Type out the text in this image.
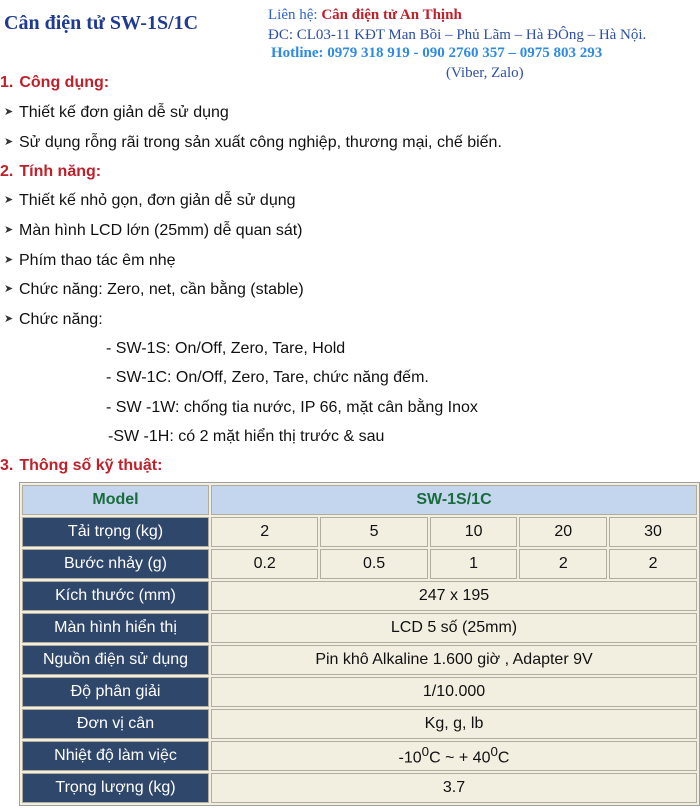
Cân điện tử SW-1S/1C	Liên hệ: Cân điện tử An Thịnh
ĐC: CL03-11 KĐT Man Bồi – Phủ Lãm – Hà ĐÔng – Hà Nội.
Hotline: 0979 318 919 - 090 2760 357 – 0975 803 293
(Viber, Zalo)
1. Công dụng:
➤ Thiết kế đơn giản dễ sử dụng
➤ Sử dụng rỗng rãi trong sản xuất công nghiệp, thương mại, chế biến.
2. Tính năng:
➤ Thiết kế nhỏ gọn, đơn giản dễ sử dụng
➤ Màn hình LCD lớn (25mm) dễ quan sát)
➤ Phím thao tác êm nhẹ
➤ Chức năng: Zero, net, cần bằng (stable)
➤ Chức năng:
- SW-1S: On/Off, Zero, Tare, Hold
- SW-1C: On/Off, Zero, Tare, chức năng đếm.
- SW -1W: chống tia nước, IP 66, mặt cân bằng Inox
-SW -1H: có 2 mặt hiển thị trước & sau
3. Thông số kỹ thuật:
Model	SW-1S/1C				
Tải trọng (kg)	2	5	10	20	30
Bước nhảy (g)	0.2	0.5	1	2	2
Kích thước (mm)	247 x 195				
Màn hình hiển thị	LCD 5 số (25mm)				
Nguồn điện sử dụng	Pin khô Alkaline 1.600 giờ , Adapter 9V				
Độ phân giải	1/10.000				
Đơn vị cân	Kg, g, lb				
Nhiệt độ làm việc	$-10^0C$ ~ + $40^0C$				
Trọng lượng (kg)	3.7				
